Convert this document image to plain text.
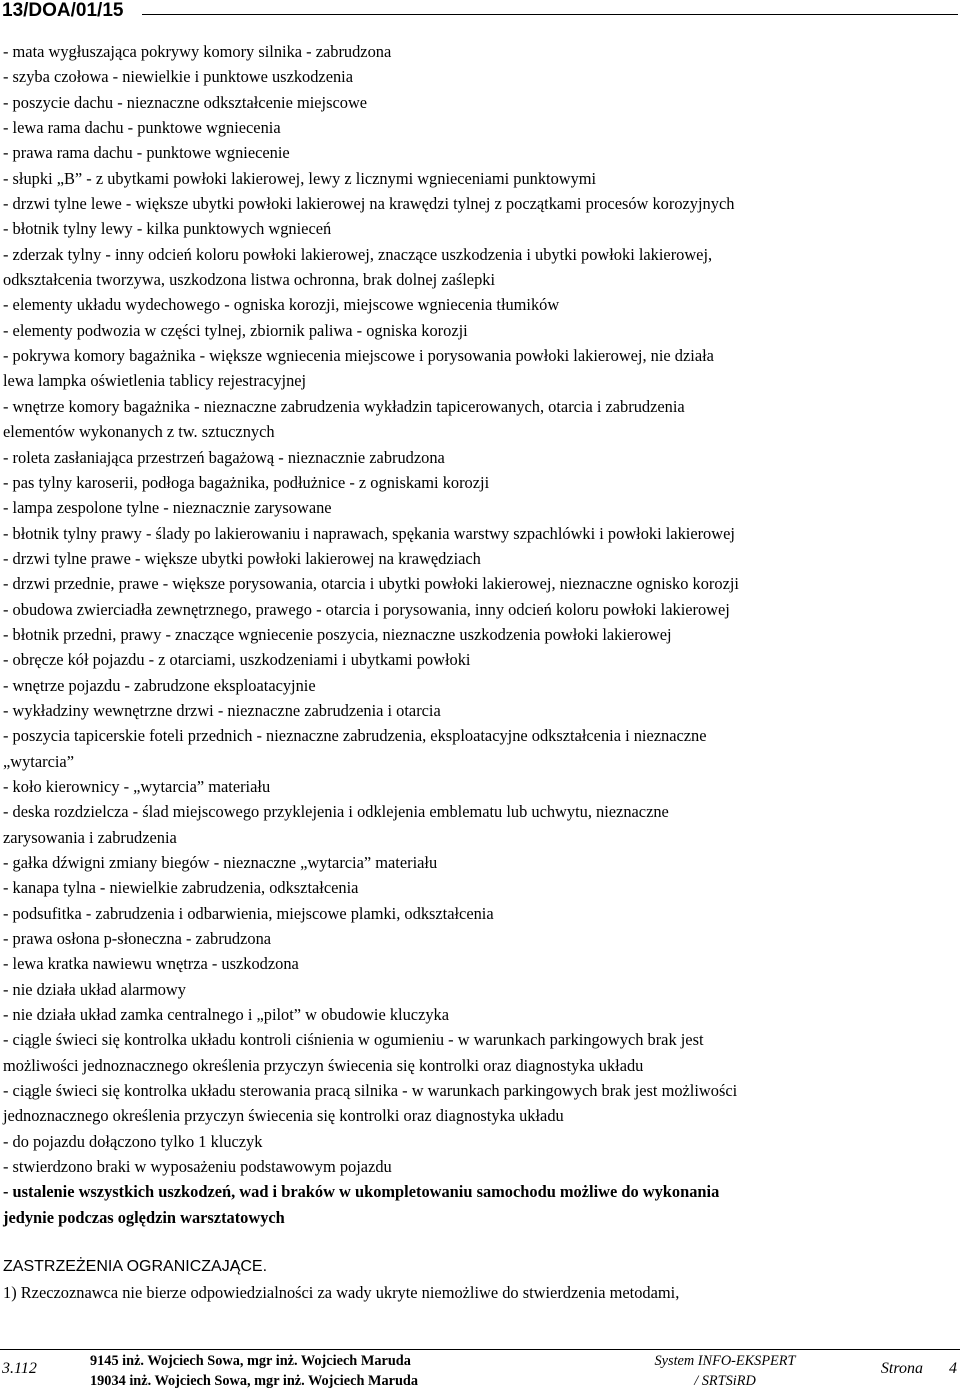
13/DOA/01/15
- mata wygłuszająca pokrywy komory silnika - zabrudzona
- szyba czołowa - niewielkie i punktowe uszkodzenia
- poszycie dachu - nieznaczne odkształcenie miejscowe
- lewa rama dachu - punktowe wgniecenia
- prawa rama dachu - punktowe wgniecenie
- słupki „B” - z ubytkami powłoki lakierowej, lewy z licznymi wgnieceniami punktowymi
- drzwi tylne lewe - większe ubytki powłoki lakierowej na krawędzi tylnej z początkami procesów korozyjnych
- błotnik tylny lewy - kilka punktowych wgnieceń
- zderzak tylny - inny odcień koloru powłoki lakierowej, znaczące uszkodzenia i ubytki powłoki lakierowej,
odkształcenia tworzywa, uszkodzona listwa ochronna, brak dolnej zaślepki
- elementy układu wydechowego - ogniska korozji, miejscowe wgniecenia tłumików
- elementy podwozia w części tylnej, zbiornik paliwa - ogniska korozji
- pokrywa komory bagażnika - większe wgniecenia miejscowe i porysowania powłoki lakierowej, nie działa
lewa lampka oświetlenia tablicy rejestracyjnej
- wnętrze komory bagażnika - nieznaczne zabrudzenia wykładzin tapicerowanych, otarcia i zabrudzenia
elementów wykonanych z tw. sztucznych
- roleta zasłaniająca przestrzeń bagażową - nieznacznie zabrudzona
- pas tylny karoserii, podłoga bagażnika, podłużnice - z ogniskami korozji
- lampa zespolone tylne - nieznacznie zarysowane
- błotnik tylny prawy - ślady po lakierowaniu i naprawach, spękania warstwy szpachlówki i powłoki lakierowej
- drzwi tylne prawe - większe ubytki powłoki lakierowej na krawędziach
- drzwi przednie, prawe - większe porysowania, otarcia i ubytki powłoki lakierowej, nieznaczne ognisko korozji
- obudowa zwierciadła zewnętrznego, prawego - otarcia i porysowania, inny odcień koloru powłoki lakierowej
- błotnik przedni, prawy - znaczące wgniecenie poszycia, nieznaczne uszkodzenia powłoki lakierowej
- obręcze kół pojazdu - z otarciami, uszkodzeniami i ubytkami powłoki
- wnętrze pojazdu - zabrudzone eksploatacyjnie
- wykładziny wewnętrzne drzwi - nieznaczne zabrudzenia i otarcia
- poszycia tapicerskie foteli przednich - nieznaczne zabrudzenia, eksploatacyjne odkształcenia i nieznaczne
„wytarcia”
- koło kierownicy - „wytarcia” materiału
- deska rozdzielcza - ślad miejscowego przyklejenia i odklejenia emblematu lub uchwytu, nieznaczne
zarysowania i zabrudzenia
- gałka dźwigni zmiany biegów - nieznaczne „wytarcia” materiału
- kanapa tylna - niewielkie zabrudzenia, odkształcenia
- podsufitka - zabrudzenia i odbarwienia, miejscowe plamki, odkształcenia
- prawa osłona p-słoneczna - zabrudzona
- lewa kratka nawiewu wnętrza - uszkodzona
- nie działa układ alarmowy
- nie działa układ zamka centralnego i „pilot” w obudowie kluczyka
- ciągle świeci się kontrolka układu kontroli ciśnienia w ogumieniu - w warunkach parkingowych brak jest
możliwości jednoznacznego określenia przyczyn świecenia się kontrolki oraz diagnostyka układu
- ciągle świeci się kontrolka układu sterowania pracą silnika - w warunkach parkingowych brak jest możliwości
jednoznacznego określenia przyczyn świecenia się kontrolki oraz diagnostyka układu
- do pojazdu dołączono tylko 1 kluczyk
- stwierdzono braki w wyposażeniu podstawowym pojazdu
- ustalenie wszystkich uszkodzeń, wad i braków w ukompletowaniu samochodu możliwe do wykonania
jedynie podczas oględzin warsztatowych
ZASTRZEŻENIA OGRANICZAJĄCE.
1) Rzeczoznawca nie bierze odpowiedzialności za wady ukryte niemożliwe do stwierdzenia metodami,
3.112	9145 inż. Wojciech Sowa, mgr inż. Wojciech Maruda
19034 inż. Wojciech Sowa, mgr inż. Wojciech Maruda
System INFO-EKSPERT
/ SRTSiRD
Strona 4
